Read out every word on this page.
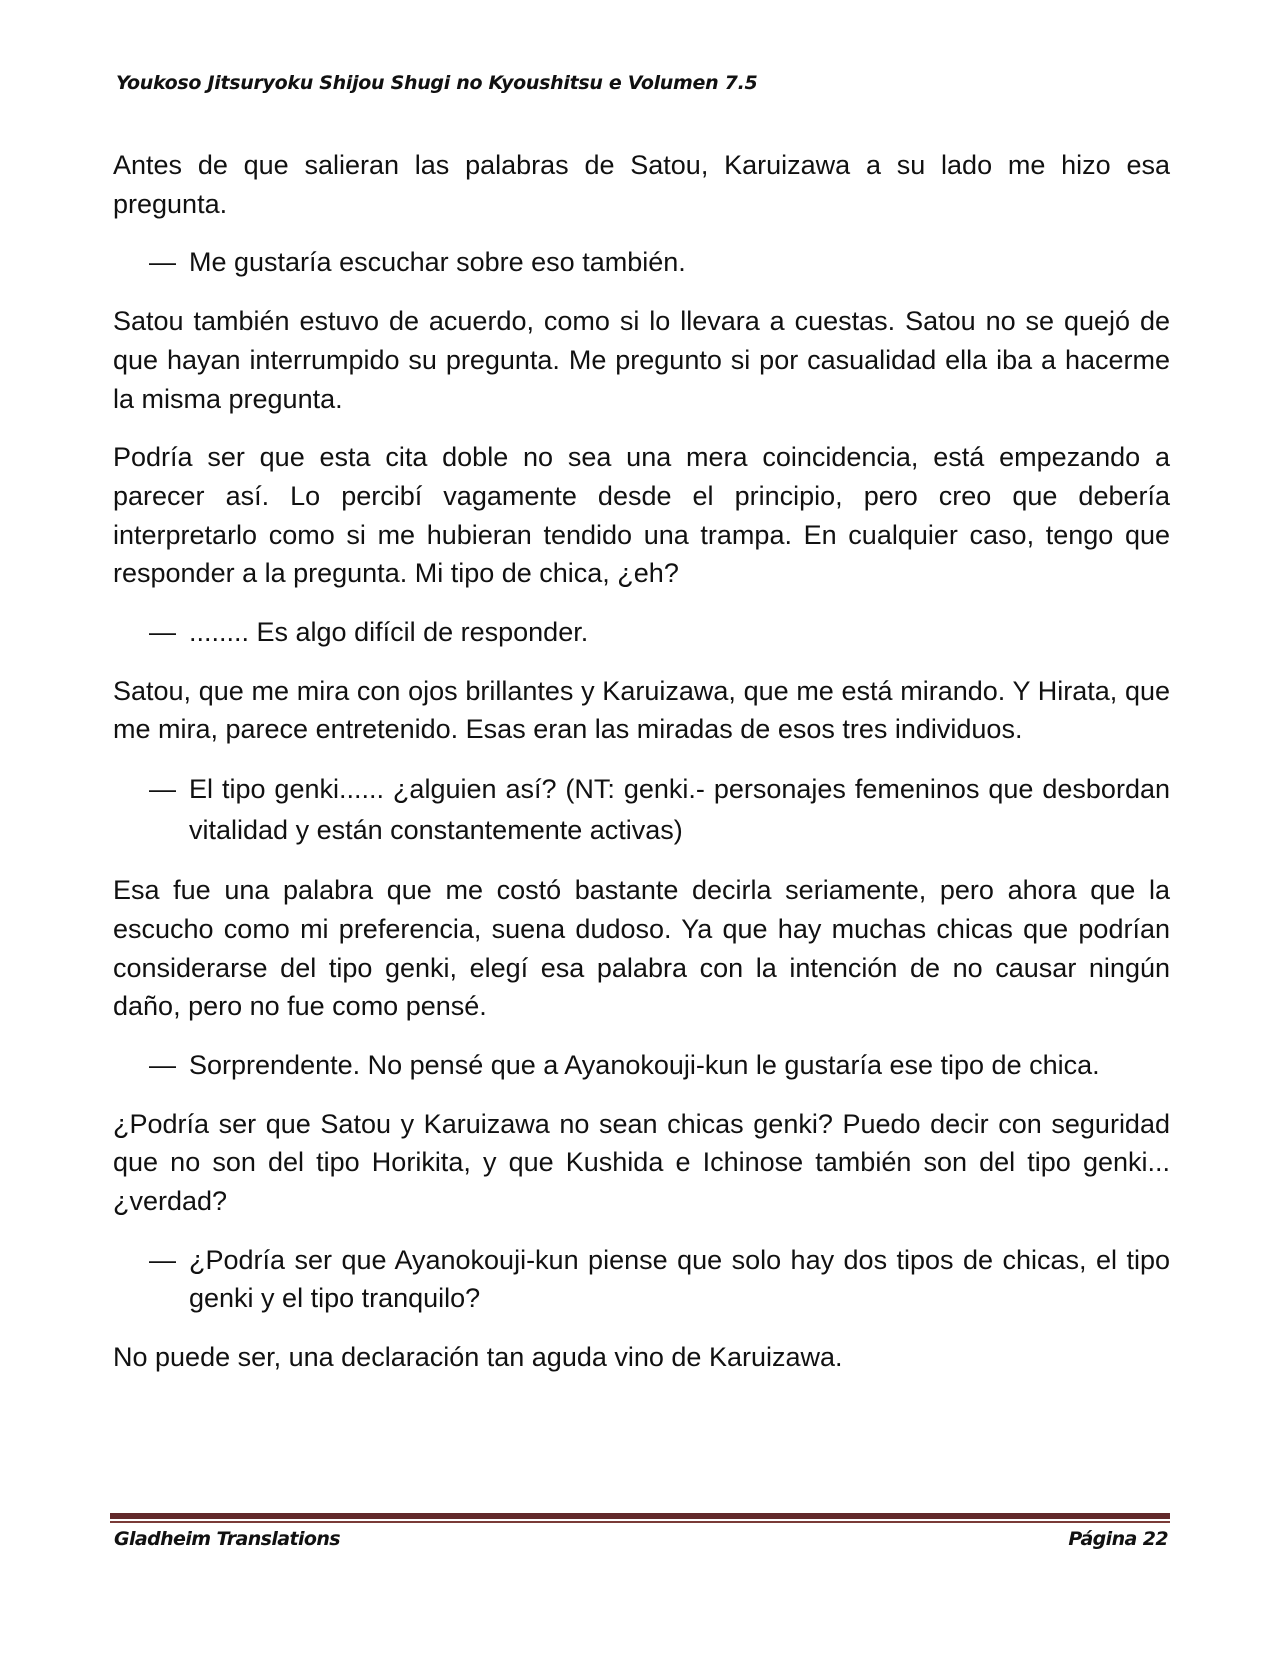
Youkoso Jitsuryoku Shijou Shugi no Kyoushitsu e Volumen 7.5

Antes de que salieran las palabras de Satou, Karuizawa a su lado me hizo esa pregunta.

— Me gustaría escuchar sobre eso también.

Satou también estuvo de acuerdo, como si lo llevara a cuestas. Satou no se quejó de que hayan interrumpido su pregunta. Me pregunto si por casualidad ella iba a hacerme la misma pregunta.

Podría ser que esta cita doble no sea una mera coincidencia, está empezando a parecer así. Lo percibí vagamente desde el principio, pero creo que debería interpretarlo como si me hubieran tendido una trampa. En cualquier caso, tengo que responder a la pregunta. Mi tipo de chica, ¿eh?

— ........ Es algo difícil de responder.

Satou, que me mira con ojos brillantes y Karuizawa, que me está mirando. Y Hirata, que me mira, parece entretenido. Esas eran las miradas de esos tres individuos.

— El tipo genki...... ¿alguien así? (NT: genki.- personajes femeninos que desbordan vitalidad y están constantemente activas)

Esa fue una palabra que me costó bastante decirla seriamente, pero ahora que la escucho como mi preferencia, suena dudoso. Ya que hay muchas chicas que podrían considerarse del tipo genki, elegí esa palabra con la intención de no causar ningún daño, pero no fue como pensé.

— Sorprendente. No pensé que a Ayanokouji-kun le gustaría ese tipo de chica.

¿Podría ser que Satou y Karuizawa no sean chicas genki? Puedo decir con seguridad que no son del tipo Horikita, y que Kushida e Ichinose también son del tipo genki... ¿verdad?

— ¿Podría ser que Ayanokouji-kun piense que solo hay dos tipos de chicas, el tipo genki y el tipo tranquilo?

No puede ser, una declaración tan aguda vino de Karuizawa.

Gladheim Translations	Página 22
